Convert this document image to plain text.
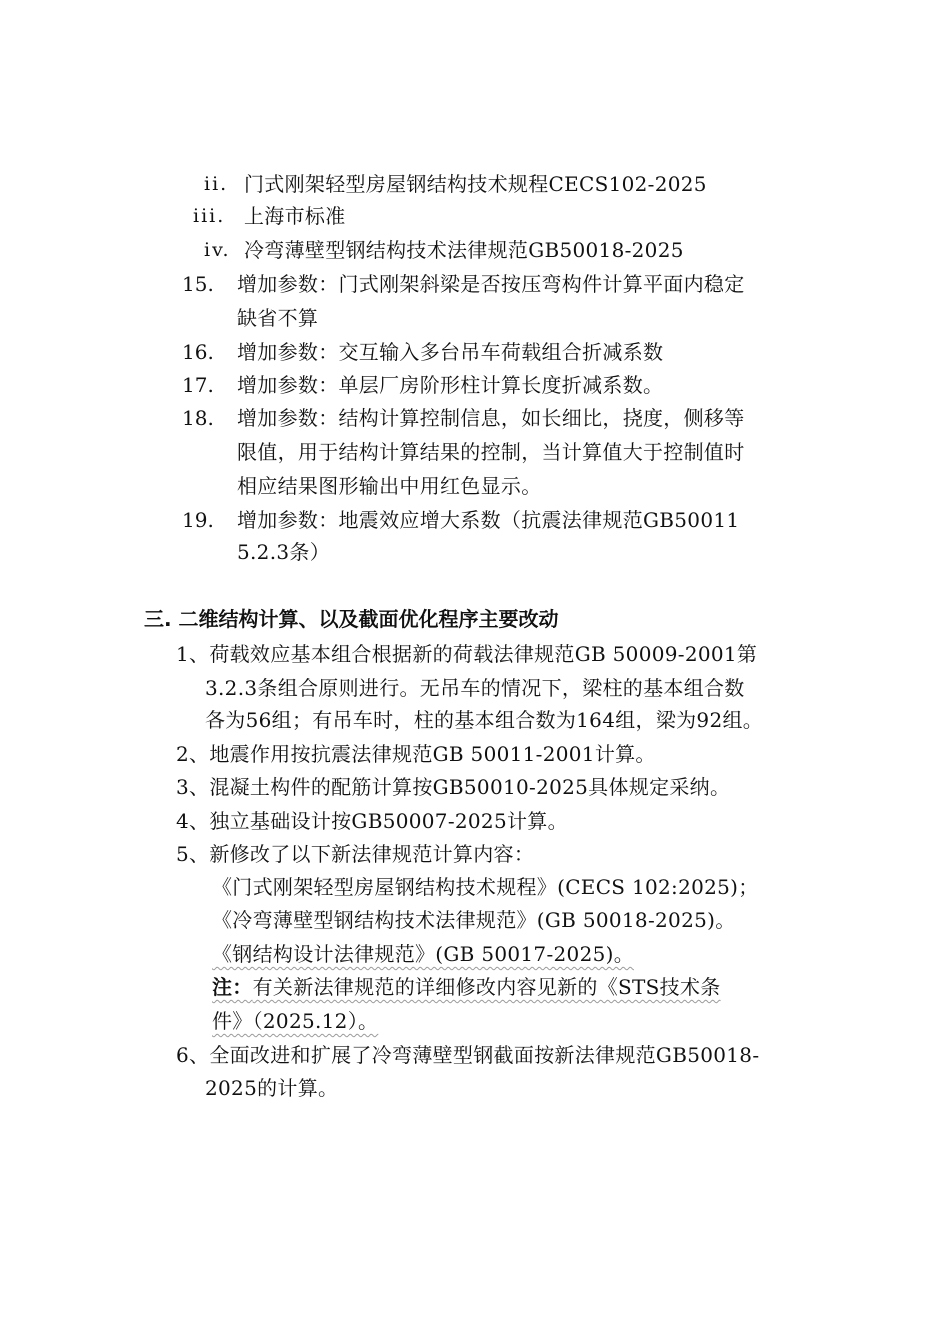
ii. 门式刚架轻型房屋钢结构技术规程CECS102-2025
iii. 上海市标准
iv. 冷弯薄壁型钢结构技术法律规范GB50018-2025
15. 增加参数：门式刚架斜梁是否按压弯构件计算平面内稳定
缺省不算
16. 增加参数：交互输入多台吊车荷载组合折减系数
17. 增加参数：单层厂房阶形柱计算长度折减系数。
18. 增加参数：结构计算控制信息，如长细比，挠度，侧移等
限值，用于结构计算结果的控制，当计算值大于控制值时
相应结果图形输出中用红色显示。
19. 增加参数：地震效应增大系数（抗震法律规范GB50011
5.2.3条）
三. 二维结构计算、以及截面优化程序主要改动
1、荷载效应基本组合根据新的荷载法律规范GB 50009-2001第
3.2.3条组合原则进行。无吊车的情况下，梁柱的基本组合数
各为56组；有吊车时，柱的基本组合数为164组，梁为92组。
2、地震作用按抗震法律规范GB 50011-2001计算。
3、混凝土构件的配筋计算按GB50010-2025具体规定采纳。
4、独立基础设计按GB50007-2025计算。
5、新修改了以下新法律规范计算内容：
《门式刚架轻型房屋钢结构技术规程》(CECS 102:2025)；
《冷弯薄壁型钢结构技术法律规范》(GB 50018-2025)。
《钢结构设计法律规范》(GB 50017-2025)。
注：有关新法律规范的详细修改内容见新的《STS技术条
件》（2025.12）。
6、全面改进和扩展了冷弯薄壁型钢截面按新法律规范GB50018-
2025的计算。
